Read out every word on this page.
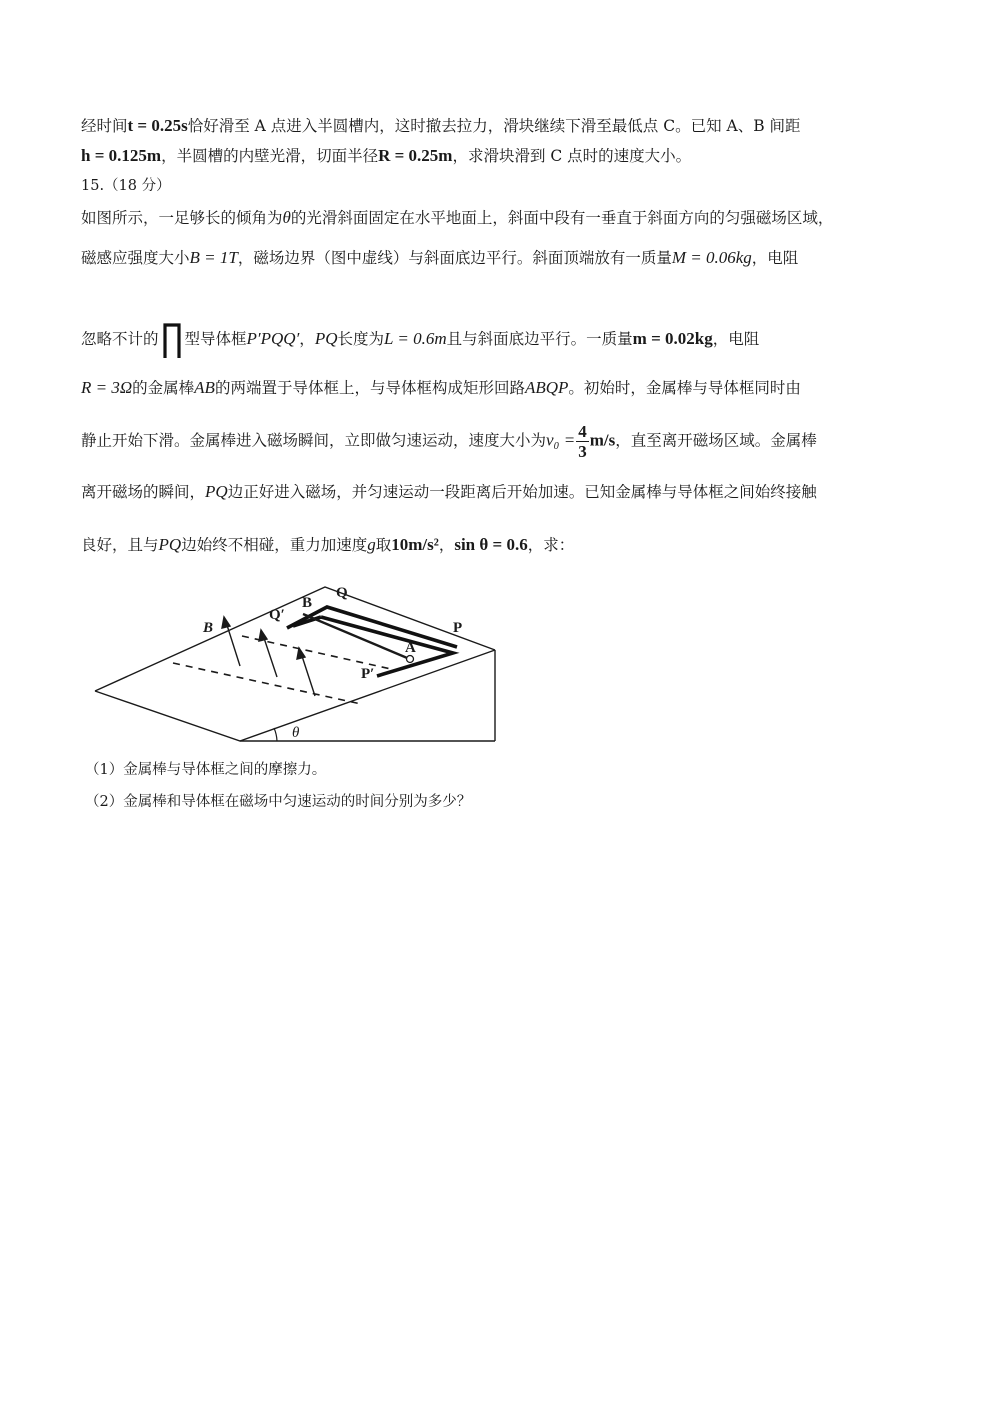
经时间t = 0.25s恰好滑至 A 点进入半圆槽内，这时撤去拉力，滑块继续下滑至最低点 C。已知 A、B 间距
h = 0.125m，半圆槽的内壁光滑，切面半径R = 0.25m，求滑块滑到 C 点时的速度大小。
15.（18 分）
如图所示，一足够长的倾角为θ的光滑斜面固定在水平地面上，斜面中段有一垂直于斜面方向的匀强磁场区域，
磁感应强度大小B = 1T，磁场边界（图中虚线）与斜面底边平行。斜面顶端放有一质量M = 0.06kg，电阻
忽略不计的 型导体框P′PQQ′，PQ长度为L = 0.6m且与斜面底边平行。一质量m = 0.02kg，电阻
R = 3Ω的金属棒AB的两端置于导体框上，与导体框构成矩形回路ABQP。初始时，金属棒与导体框同时由
静止开始下滑。金属棒进入磁场瞬间，立即做匀速运动，速度大小为$v_0 = \frac{4}{3} m/s$，直至离开磁场区域。金属棒
离开磁场的瞬间，PQ边正好进入磁场，并匀速运动一段距离后开始加速。已知金属棒与导体框之间始终接触
良好，且与PQ边始终不相碰，重力加速度g取10m/s²，sin θ = 0.6，求：
B
Q′
B
Q
P
A
P′
θ
（1）金属棒与导体框之间的摩擦力。
（2）金属棒和导体框在磁场中匀速运动的时间分别为多少？
